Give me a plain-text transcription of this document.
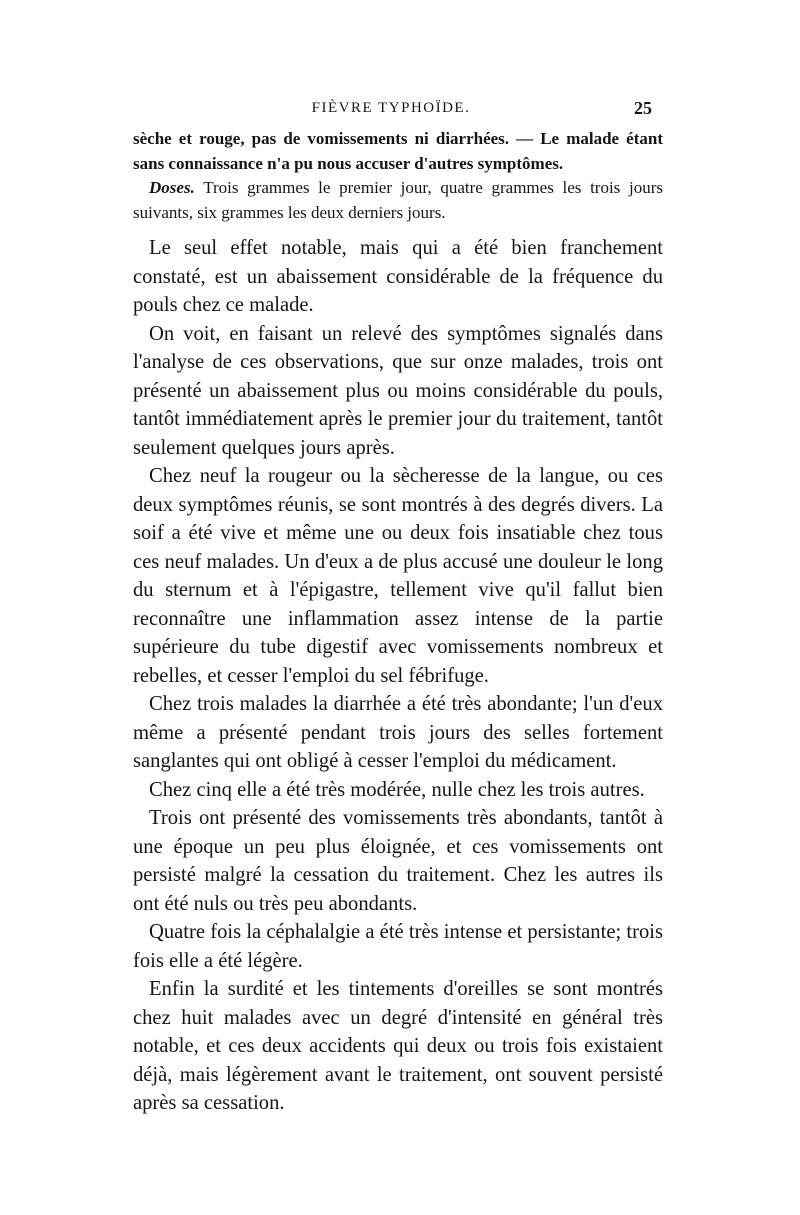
FIÈVRE TYPHOÏDE.	25

sèche et rouge, pas de vomissements ni diarrhées. — Le malade étant sans connaissance n'a pu nous accuser d'autres symptômes.

Doses. Trois grammes le premier jour, quatre grammes les trois jours suivants, six grammes les deux derniers jours.

Le seul effet notable, mais qui a été bien franchement constaté, est un abaissement considérable de la fréquence du pouls chez ce malade.

On voit, en faisant un relevé des symptômes signalés dans l'analyse de ces observations, que sur onze malades, trois ont présenté un abaissement plus ou moins considérable du pouls, tantôt immédiatement après le premier jour du traitement, tantôt seulement quelques jours après.

Chez neuf la rougeur ou la sècheresse de la langue, ou ces deux symptômes réunis, se sont montrés à des degrés divers. La soif a été vive et même une ou deux fois insatiable chez tous ces neuf malades. Un d'eux a de plus accusé une douleur le long du sternum et à l'épigastre, tellement vive qu'il fallut bien reconnaître une inflammation assez intense de la partie supérieure du tube digestif avec vomissements nombreux et rebelles, et cesser l'emploi du sel fébrifuge.

Chez trois malades la diarrhée a été très abondante; l'un d'eux même a présenté pendant trois jours des selles fortement sanglantes qui ont obligé à cesser l'emploi du médicament.

Chez cinq elle a été très modérée, nulle chez les trois autres.

Trois ont présenté des vomissements très abondants, tantôt à une époque un peu plus éloignée, et ces vomissements ont persisté malgré la cessation du traitement. Chez les autres ils ont été nuls ou très peu abondants.

Quatre fois la céphalalgie a été très intense et persistante; trois fois elle a été légère.

Enfin la surdité et les tintements d'oreilles se sont montrés chez huit malades avec un degré d'intensité en général très notable, et ces deux accidents qui deux ou trois fois existaient déjà, mais légèrement avant le traitement, ont souvent persisté après sa cessation.
